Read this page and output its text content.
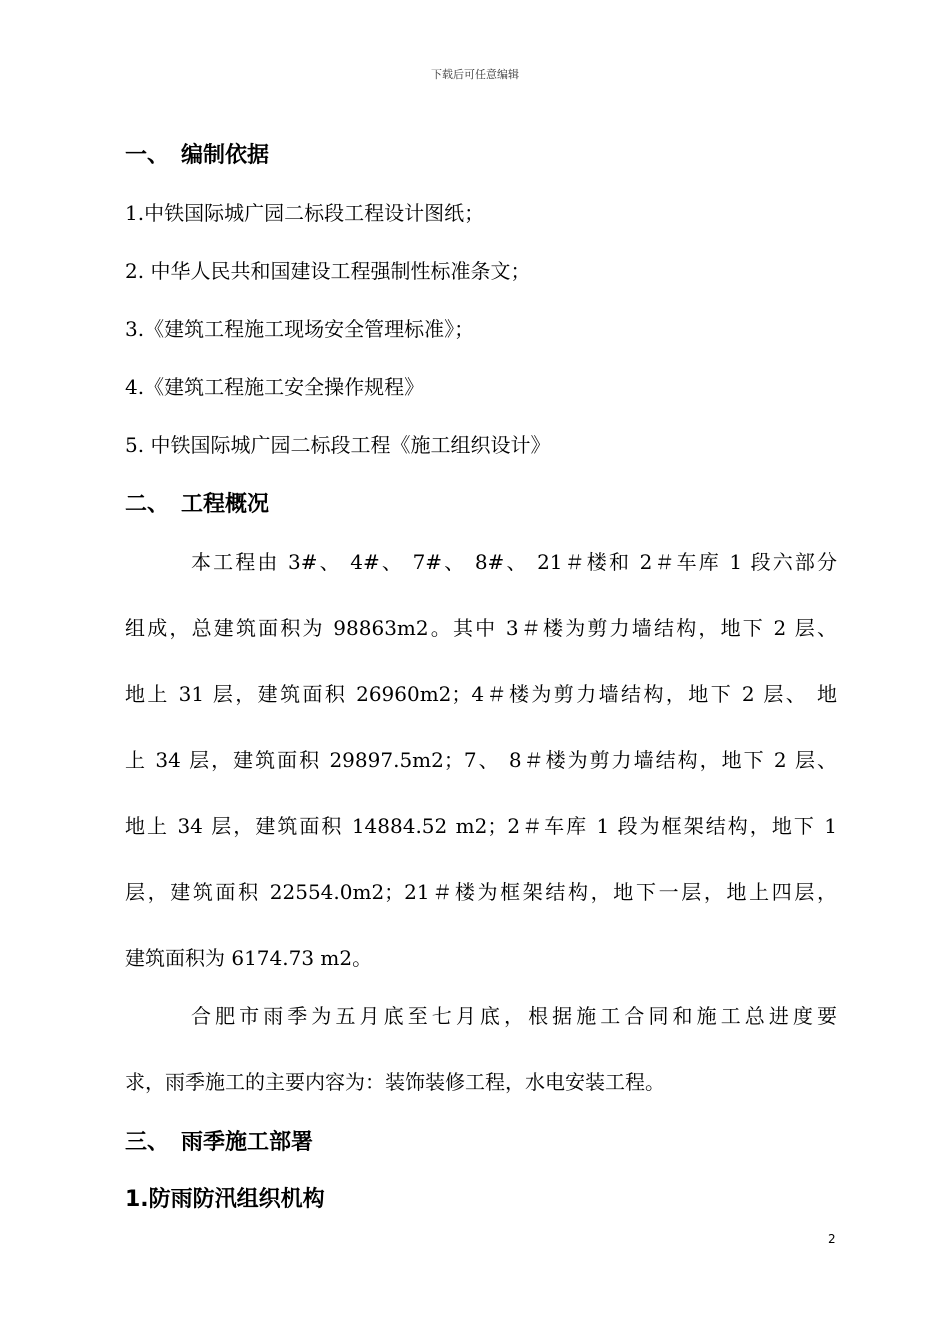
下载后可任意编辑
一、 编制依据
1.中铁国际城广园二标段工程设计图纸；
2. 中华人民共和国建设工程强制性标准条文；
3.《建筑工程施工现场安全管理标准》；
4.《建筑工程施工安全操作规程》
5. 中铁国际城广园二标段工程《施工组织设计》
二、 工程概况
本工程由 3#、 4#、 7#、 8#、 21＃楼和 2＃车库 1 段六部分
组成，总建筑面积为 98863m2。其中 3＃楼为剪力墙结构，地下 2 层、
地上 31 层，建筑面积 26960m2；4＃楼为剪力墙结构，地下 2 层、 地
上 34 层，建筑面积 29897.5m2；7、 8＃楼为剪力墙结构，地下 2 层、
地上 34 层，建筑面积 14884.52 m2；2＃车库 1 段为框架结构，地下 1
层，建筑面积 22554.0m2；21＃楼为框架结构，地下一层，地上四层，
建筑面积为 6174.73 m2。
合肥市雨季为五月底至七月底，根据施工合同和施工总进度要
求，雨季施工的主要内容为：装饰装修工程，水电安装工程。
三、 雨季施工部署
1.防雨防汛组织机构
2
